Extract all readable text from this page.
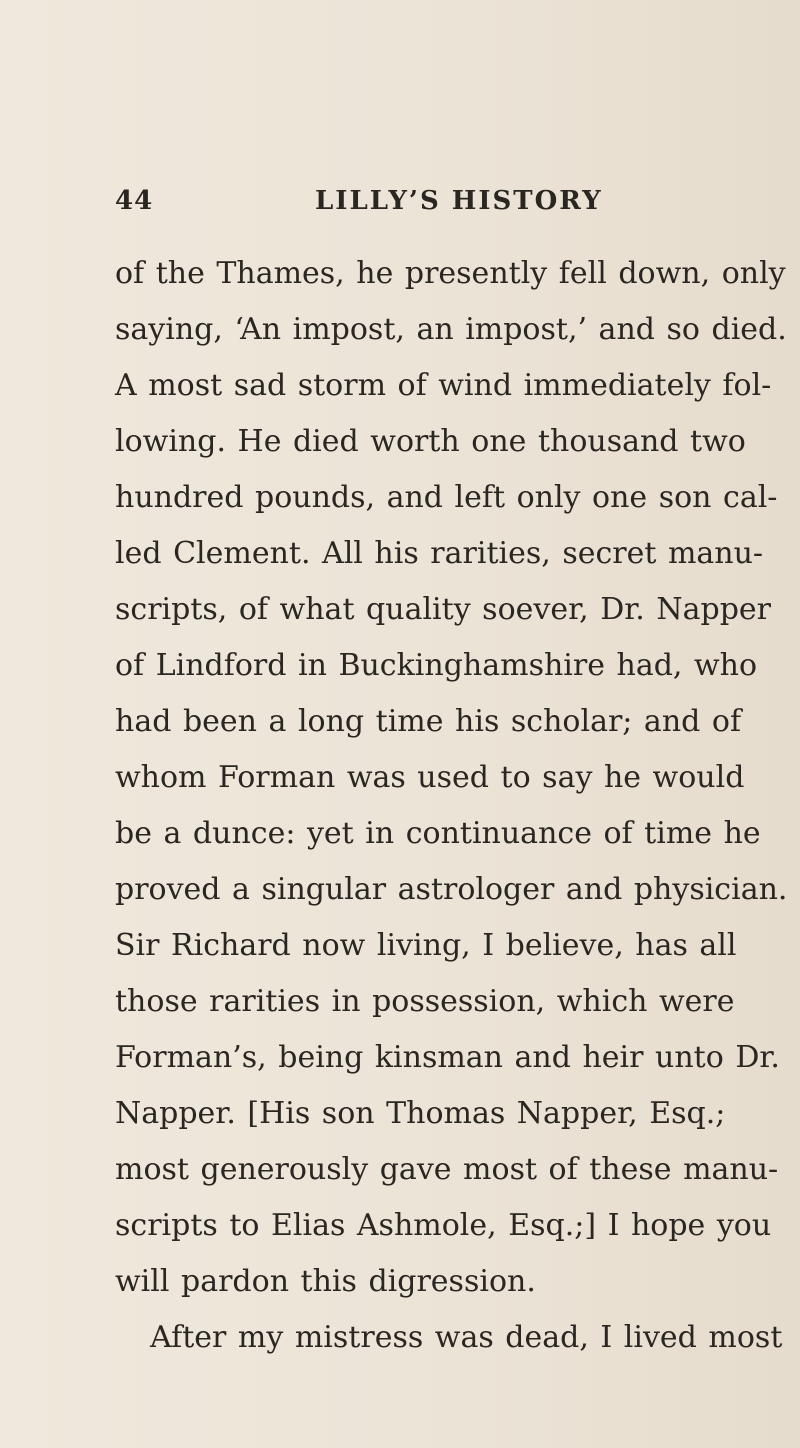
44	LILLY’S HISTORY
of the Thames, he presently fell down, only
saying, ‘An impost, an impost,’ and so died.
A most sad storm of wind immediately fol-
lowing. He died worth one thousand two
hundred pounds, and left only one son cal-
led Clement. All his rarities, secret manu-
scripts, of what quality soever, Dr. Napper
of Lindford in Buckinghamshire had, who
had been a long time his scholar; and of
whom Forman was used to say he would
be a dunce: yet in continuance of time he
proved a singular astrologer and physician.
Sir Richard now living, I believe, has all
those rarities in possession, which were
Forman’s, being kinsman and heir unto Dr.
Napper. [His son Thomas Napper, Esq.;
most generously gave most of these manu-
scripts to Elias Ashmole, Esq.;] I hope you
will pardon this digression.
After my mistress was dead, I lived most
